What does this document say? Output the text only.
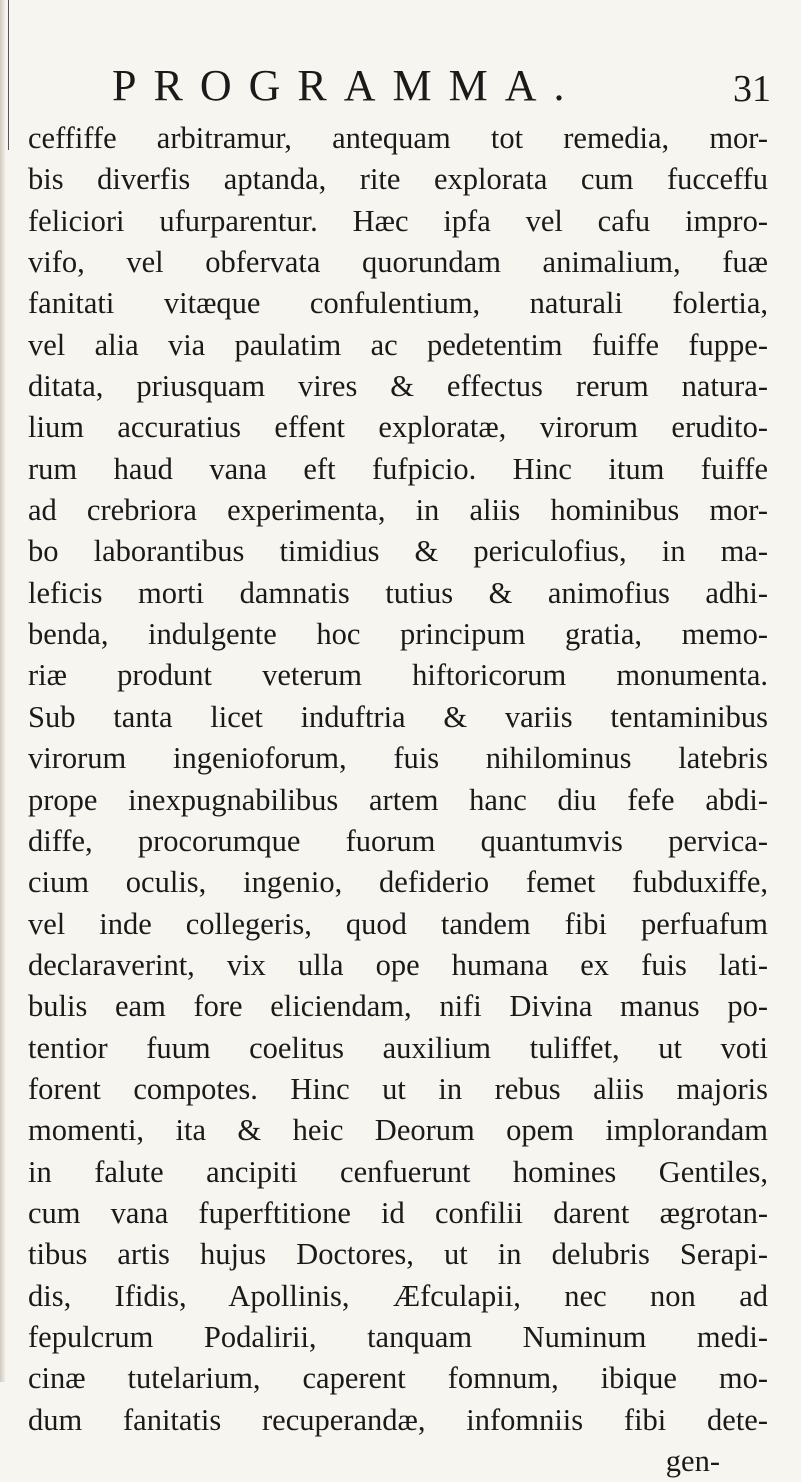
PROGRAMMA.	31
ceffiffe arbitramur, antequam tot remedia, mor-
bis diverfis aptanda, rite explorata cum fucceffu
feliciori ufurparentur. Hæc ipfa vel cafu impro-
vifo, vel obfervata quorundam animalium, fuæ
fanitati vitæque confulentium, naturali folertia,
vel alia via paulatim ac pedetentim fuiffe fuppe-
ditata, priusquam vires & effectus rerum natura-
lium accuratius effent exploratæ, virorum erudito-
rum haud vana eft fufpicio. Hinc itum fuiffe
ad crebriora experimenta, in aliis hominibus mor-
bo laborantibus timidius & periculofius, in ma-
leficis morti damnatis tutius & animofius adhi-
benda, indulgente hoc principum gratia, memo-
riæ produnt veterum hiftoricorum monumenta.
Sub tanta licet induftria & variis tentaminibus
virorum ingenioforum, fuis nihilominus latebris
prope inexpugnabilibus artem hanc diu fefe abdi-
diffe, procorumque fuorum quantumvis pervica-
cium oculis, ingenio, defiderio femet fubduxiffe,
vel inde collegeris, quod tandem fibi perfuafum
declaraverint, vix ulla ope humana ex fuis lati-
bulis eam fore eliciendam, nifi Divina manus po-
tentior fuum coelitus auxilium tuliffet, ut voti
forent compotes. Hinc ut in rebus aliis majoris
momenti, ita & heic Deorum opem implorandam
in falute ancipiti cenfuerunt homines Gentiles,
cum vana fuperftitione id confilii darent ægrotan-
tibus artis hujus Doctores, ut in delubris Serapi-
dis, Ifidis, Apollinis, Æfculapii, nec non ad
fepulcrum Podalirii, tanquam Numinum medi-
cinæ tutelarium, caperent fomnum, ibique mo-
dum fanitatis recuperandæ, infomniis fibi dete-
gen-
